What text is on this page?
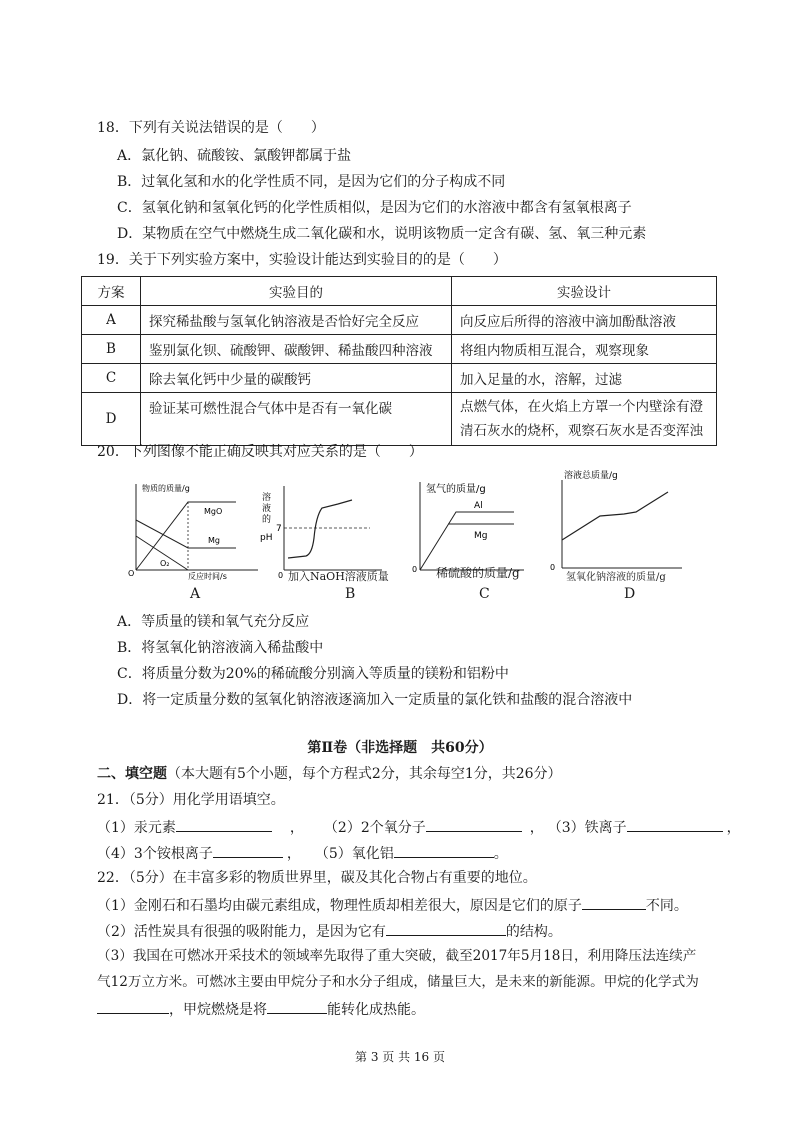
18．下列有关说法错误的是（　　）
A．氯化钠、硫酸铵、氯酸钾都属于盐
B．过氧化氢和水的化学性质不同，是因为它们的分子构成不同
C．氢氧化钠和氢氧化钙的化学性质相似，是因为它们的水溶液中都含有氢氧根离子
D．某物质在空气中燃烧生成二氧化碳和水，说明该物质一定含有碳、氢、氧三种元素
19．关于下列实验方案中，实验设计能达到实验目的的是（　　）
方案	实验目的	实验设计
A	探究稀盐酸与氢氧化钠溶液是否恰好完全反应	向反应后所得的溶液中滴加酚酞溶液
B	鉴别氯化钡、硫酸钾、碳酸钾、稀盐酸四种溶液	将组内物质相互混合，观察现象
C	除去氧化钙中少量的碳酸钙	加入足量的水，溶解，过滤
D	验证某可燃性混合气体中是否有一氧化碳	点燃气体，在火焰上方罩一个内壁涂有澄
清石灰水的烧杯，观察石灰水是否变浑浊
20．下列图像不能正确反映其对应关系的是（　　）
物质的质量/g
O	反应时间/s
MgO
Mg
O₂
A
溶
液
的
pH
7
0 加入NaOH溶液质量
B
氢气的质量/g
0
Al
Mg
稀硫酸的质量/g
C
溶液总质量/g
0
氢氧化钠溶液的质量/g
D
A．等质量的镁和氧气充分反应
B．将氢氧化钠溶液滴入稀盐酸中
C．将质量分数为20%的稀硫酸分别滴入等质量的镁粉和铝粉中
D．将一定质量分数的氢氧化钠溶液逐滴加入一定质量的氯化铁和盐酸的混合溶液中
第Ⅱ卷（非选择题　共60分）
二、填空题（本大题有5个小题，每个方程式2分，其余每空1分，共26分）
21．（5分）用化学用语填空。
（1）汞元素	， （2）2个氧分子	， （3）铁离子	，
（4）3个铵根离子	， （5）氧化铝	。
22．（5分）在丰富多彩的物质世界里，碳及其化合物占有重要的地位。
（1）金刚石和石墨均由碳元素组成，物理性质却相差很大，原因是它们的原子	不同。
（2）活性炭具有很强的吸附能力，是因为它有	的结构。
（3）我国在可燃冰开采技术的领域率先取得了重大突破，截至2017年5月18日，利用降压法连续产
气12万立方米。可燃冰主要由甲烷分子和水分子组成，储量巨大，是未来的新能源。甲烷的化学式为
，甲烷燃烧是将	能转化成热能。
第 3 页 共 16 页
